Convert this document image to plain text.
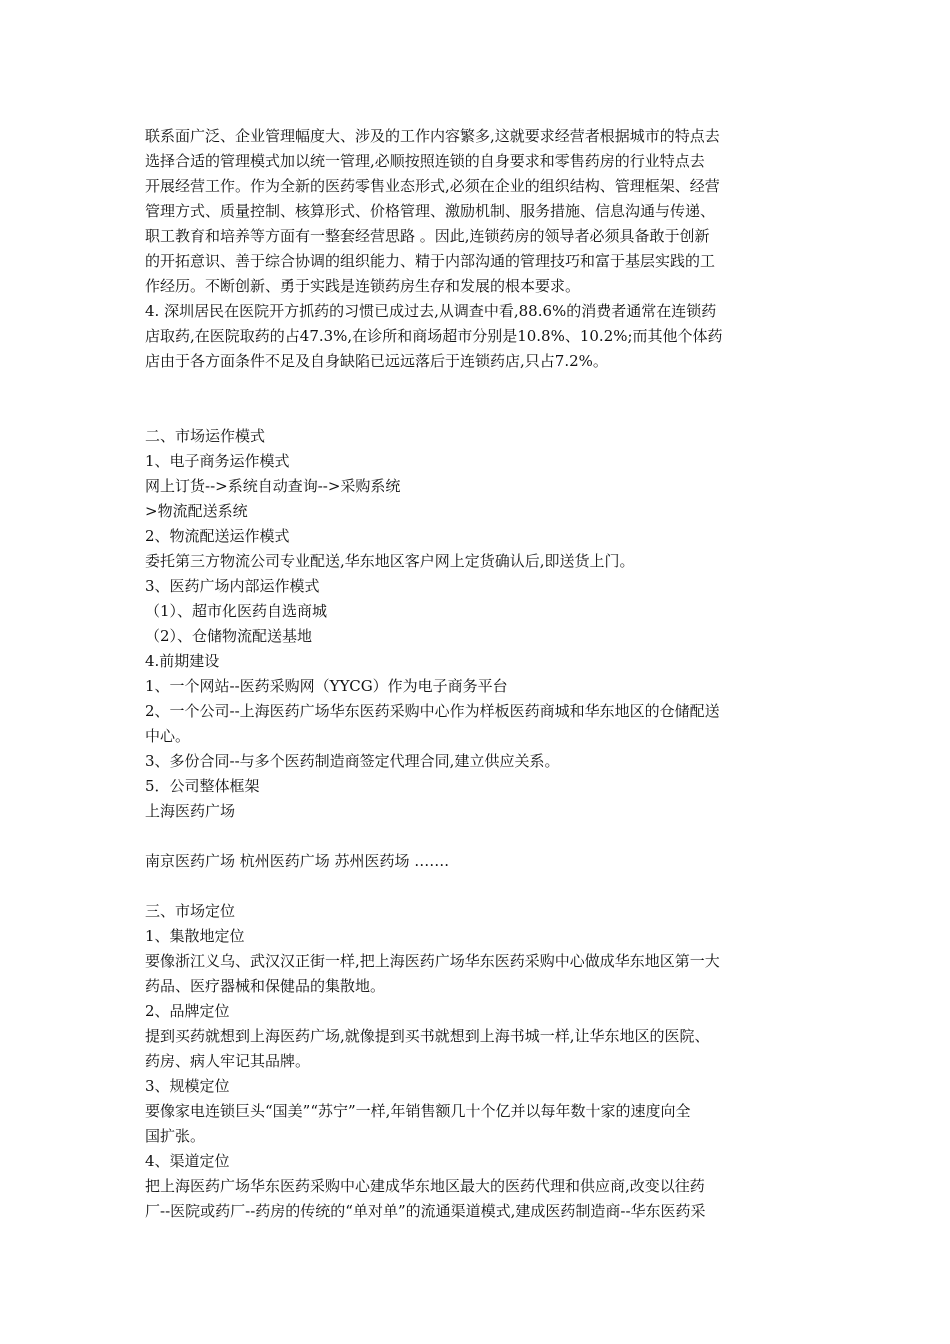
联系面广泛、企业管理幅度大、涉及的工作内容繁多,这就要求经营者根据城市的特点去
选择合适的管理模式加以统一管理,必顺按照连锁的自身要求和零售药房的行业特点去
开展经营工作。作为全新的医药零售业态形式,必须在企业的组织结构、管理框架、经营
管理方式、质量控制、核算形式、价格管理、激励机制、服务措施、信息沟通与传递、
职工教育和培养等方面有一整套经营思路 。因此,连锁药房的领导者必须具备敢于创新
的开拓意识、善于综合协调的组织能力、精于内部沟通的管理技巧和富于基层实践的工
作经历。不断创新、勇于实践是连锁药房生存和发展的根本要求。
4. 深圳居民在医院开方抓药的习惯已成过去,从调查中看,88.6%的消费者通常在连锁药
店取药,在医院取药的占47.3%,在诊所和商场超市分别是10.8%、10.2%;而其他个体药
店由于各方面条件不足及自身缺陷已远远落后于连锁药店,只占7.2%。
二、市场运作模式
1、电子商务运作模式
网上订货-->系统自动查询-->采购系统
>物流配送系统
2、物流配送运作模式
委托第三方物流公司专业配送,华东地区客户网上定货确认后,即送货上门。
3、医药广场内部运作模式
（1）、超市化医药自选商城
（2）、仓储物流配送基地
4.前期建设
1、一个网站--医药采购网（YYCG）作为电子商务平台
2、一个公司--上海医药广场华东医药采购中心作为样板医药商城和华东地区的仓储配送
中心。
3、多份合同--与多个医药制造商签定代理合同,建立供应关系。
5．公司整体框架
上海医药广场
南京医药广场 杭州医药广场 苏州医药场 …….
三、市场定位
1、集散地定位
要像浙江义乌、武汉汉正街一样,把上海医药广场华东医药采购中心做成华东地区第一大
药品、医疗器械和保健品的集散地。
2、品牌定位
提到买药就想到上海医药广场,就像提到买书就想到上海书城一样,让华东地区的医院、
药房、病人牢记其品牌。
3、规模定位
要像家电连锁巨头“国美”“苏宁”一样,年销售额几十个亿并以每年数十家的速度向全
国扩张。
4、渠道定位
把上海医药广场华东医药采购中心建成华东地区最大的医药代理和供应商,改变以往药
厂--医院或药厂--药房的传统的“单对单”的流通渠道模式,建成医药制造商--华东医药采
